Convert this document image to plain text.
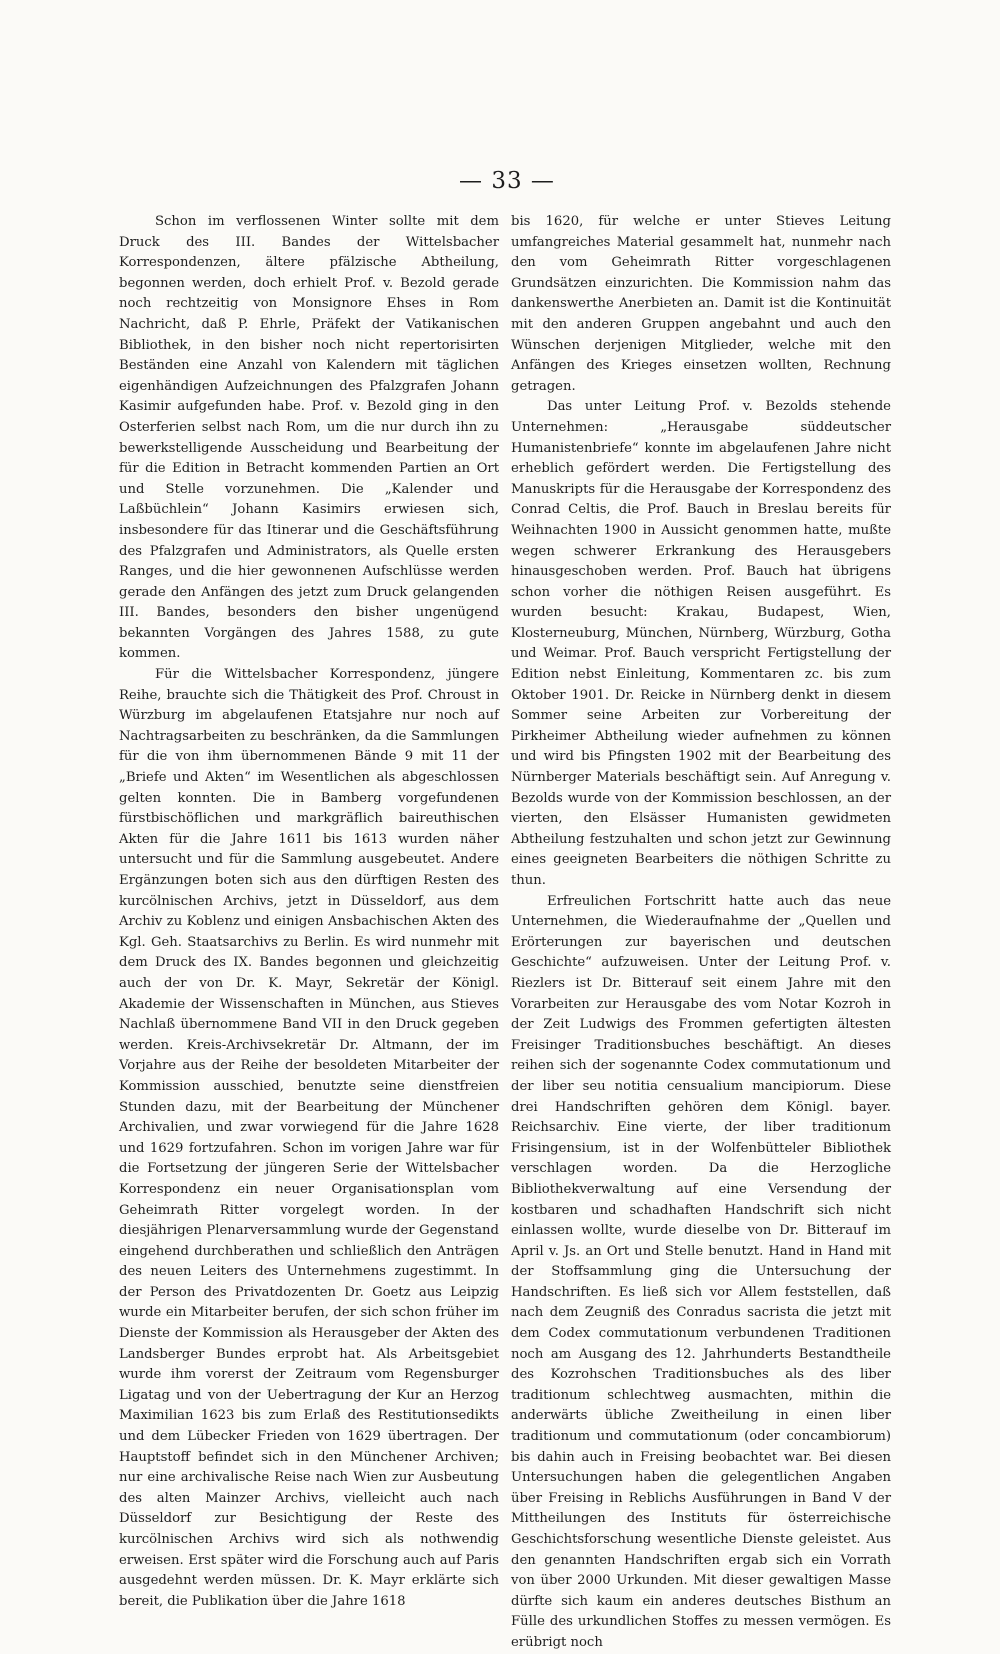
— 33 —

Schon im verflossenen Winter sollte mit dem Druck des III. Bandes der Wittelsbacher Korrespondenzen, ältere pfälzische Abtheilung, begonnen werden, doch erhielt Prof. v. Bezold gerade noch rechtzeitig von Monsignore Ehses in Rom Nachricht, daß P. Ehrle, Präfekt der Vatikanischen Bibliothek, in den bisher noch nicht repertorisirten Beständen eine Anzahl von Kalendern mit täglichen eigenhändigen Aufzeichnungen des Pfalzgrafen Johann Kasimir aufgefunden habe. Prof. v. Bezold ging in den Osterferien selbst nach Rom, um die nur durch ihn zu bewerkstelligende Ausscheidung und Bearbeitung der für die Edition in Betracht kommenden Partien an Ort und Stelle vorzunehmen. Die „Kalender und Laßbüchlein“ Johann Kasimirs erwiesen sich, insbesondere für das Itinerar und die Geschäftsführung des Pfalzgrafen und Administrators, als Quelle ersten Ranges, und die hier gewonnenen Aufschlüsse werden gerade den Anfängen des jetzt zum Druck gelangenden III. Bandes, besonders den bisher ungenügend bekannten Vorgängen des Jahres 1588, zu gute kommen.

Für die Wittelsbacher Korrespondenz, jüngere Reihe, brauchte sich die Thätigkeit des Prof. Chroust in Würzburg im abgelaufenen Etatsjahre nur noch auf Nachtragsarbeiten zu beschränken, da die Sammlungen für die von ihm übernommenen Bände 9 mit 11 der „Briefe und Akten“ im Wesentlichen als abgeschlossen gelten konnten. Die in Bamberg vorgefundenen fürstbischöflichen und markgräflich baireuthischen Akten für die Jahre 1611 bis 1613 wurden näher untersucht und für die Sammlung ausgebeutet. Andere Ergänzungen boten sich aus den dürftigen Resten des kurcölnischen Archivs, jetzt in Düsseldorf, aus dem Archiv zu Koblenz und einigen Ansbachischen Akten des Kgl. Geh. Staatsarchivs zu Berlin. Es wird nunmehr mit dem Druck des IX. Bandes begonnen und gleichzeitig auch der von Dr. K. Mayr, Sekretär der Königl. Akademie der Wissenschaften in München, aus Stieves Nachlaß übernommene Band VII in den Druck gegeben werden. Kreis-Archivsekretär Dr. Altmann, der im Vorjahre aus der Reihe der besoldeten Mitarbeiter der Kommission ausschied, benutzte seine dienstfreien Stunden dazu, mit der Bearbeitung der Münchener Archivalien, und zwar vorwiegend für die Jahre 1628 und 1629 fortzufahren. Schon im vorigen Jahre war für die Fortsetzung der jüngeren Serie der Wittelsbacher Korrespondenz ein neuer Organisationsplan vom Geheimrath Ritter vorgelegt worden. In der diesjährigen Plenarversammlung wurde der Gegenstand eingehend durchberathen und schließlich den Anträgen des neuen Leiters des Unternehmens zugestimmt. In der Person des Privatdozenten Dr. Goetz aus Leipzig wurde ein Mitarbeiter berufen, der sich schon früher im Dienste der Kommission als Herausgeber der Akten des Landsberger Bundes erprobt hat. Als Arbeitsgebiet wurde ihm vorerst der Zeitraum vom Regensburger Ligatag und von der Uebertragung der Kur an Herzog Maximilian 1623 bis zum Erlaß des Restitutionsedikts und dem Lübecker Frieden von 1629 übertragen. Der Hauptstoff befindet sich in den Münchener Archiven; nur eine archivalische Reise nach Wien zur Ausbeutung des alten Mainzer Archivs, vielleicht auch nach Düsseldorf zur Besichtigung der Reste des kurcölnischen Archivs wird sich als nothwendig erweisen. Erst später wird die Forschung auch auf Paris ausgedehnt werden müssen. Dr. K. Mayr erklärte sich bereit, die Publikation über die Jahre 1618

bis 1620, für welche er unter Stieves Leitung umfangreiches Material gesammelt hat, nunmehr nach den vom Geheimrath Ritter vorgeschlagenen Grundsätzen einzurichten. Die Kommission nahm das dankenswerthe Anerbieten an. Damit ist die Kontinuität mit den anderen Gruppen angebahnt und auch den Wünschen derjenigen Mitglieder, welche mit den Anfängen des Krieges einsetzen wollten, Rechnung getragen.

Das unter Leitung Prof. v. Bezolds stehende Unternehmen: „Herausgabe süddeutscher Humanistenbriefe“ konnte im abgelaufenen Jahre nicht erheblich gefördert werden. Die Fertigstellung des Manuskripts für die Herausgabe der Korrespondenz des Conrad Celtis, die Prof. Bauch in Breslau bereits für Weihnachten 1900 in Aussicht genommen hatte, mußte wegen schwerer Erkrankung des Herausgebers hinausgeschoben werden. Prof. Bauch hat übrigens schon vorher die nöthigen Reisen ausgeführt. Es wurden besucht: Krakau, Budapest, Wien, Klosterneuburg, München, Nürnberg, Würzburg, Gotha und Weimar. Prof. Bauch verspricht Fertigstellung der Edition nebst Einleitung, Kommentaren zc. bis zum Oktober 1901. Dr. Reicke in Nürnberg denkt in diesem Sommer seine Arbeiten zur Vorbereitung der Pirkheimer Abtheilung wieder aufnehmen zu können und wird bis Pfingsten 1902 mit der Bearbeitung des Nürnberger Materials beschäftigt sein. Auf Anregung v. Bezolds wurde von der Kommission beschlossen, an der vierten, den Elsässer Humanisten gewidmeten Abtheilung festzuhalten und schon jetzt zur Gewinnung eines geeigneten Bearbeiters die nöthigen Schritte zu thun.

Erfreulichen Fortschritt hatte auch das neue Unternehmen, die Wiederaufnahme der „Quellen und Erörterungen zur bayerischen und deutschen Geschichte“ aufzuweisen. Unter der Leitung Prof. v. Riezlers ist Dr. Bitterauf seit einem Jahre mit den Vorarbeiten zur Herausgabe des vom Notar Kozroh in der Zeit Ludwigs des Frommen gefertigten ältesten Freisinger Traditionsbuches beschäftigt. An dieses reihen sich der sogenannte Codex commutationum und der liber seu notitia censualium mancipiorum. Diese drei Handschriften gehören dem Königl. bayer. Reichsarchiv. Eine vierte, der liber traditionum Frisingensium, ist in der Wolfenbütteler Bibliothek verschlagen worden. Da die Herzogliche Bibliothekverwaltung auf eine Versendung der kostbaren und schadhaften Handschrift sich nicht einlassen wollte, wurde dieselbe von Dr. Bitterauf im April v. Js. an Ort und Stelle benutzt. Hand in Hand mit der Stoffsammlung ging die Untersuchung der Handschriften. Es ließ sich vor Allem feststellen, daß nach dem Zeugniß des Conradus sacrista die jetzt mit dem Codex commutationum verbundenen Traditionen noch am Ausgang des 12. Jahrhunderts Bestandtheile des Kozrohschen Traditionsbuches als des liber traditionum schlechtweg ausmachten, mithin die anderwärts übliche Zweitheilung in einen liber traditionum und commutationum (oder concambiorum) bis dahin auch in Freising beobachtet war. Bei diesen Untersuchungen haben die gelegentlichen Angaben über Freising in Reblichs Ausführungen in Band V der Mittheilungen des Instituts für österreichische Geschichtsforschung wesentliche Dienste geleistet. Aus den genannten Handschriften ergab sich ein Vorrath von über 2000 Urkunden. Mit dieser gewaltigen Masse dürfte sich kaum ein anderes deutsches Bisthum an Fülle des urkundlichen Stoffes zu messen vermögen. Es erübrigt noch
